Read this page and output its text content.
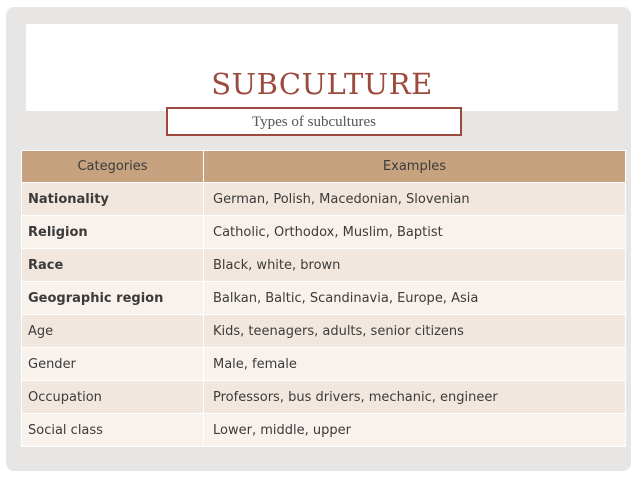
SUBCULTURE
Types of subcultures
Categories	Examples
Nationality	German, Polish, Macedonian, Slovenian
Religion	Catholic, Orthodox, Muslim, Baptist
Race	Black, white, brown
Geographic region	Balkan, Baltic, Scandinavia, Europe, Asia
Age	Kids, teenagers, adults, senior citizens
Gender	Male, female
Occupation	Professors, bus drivers, mechanic, engineer
Social class	Lower, middle, upper
